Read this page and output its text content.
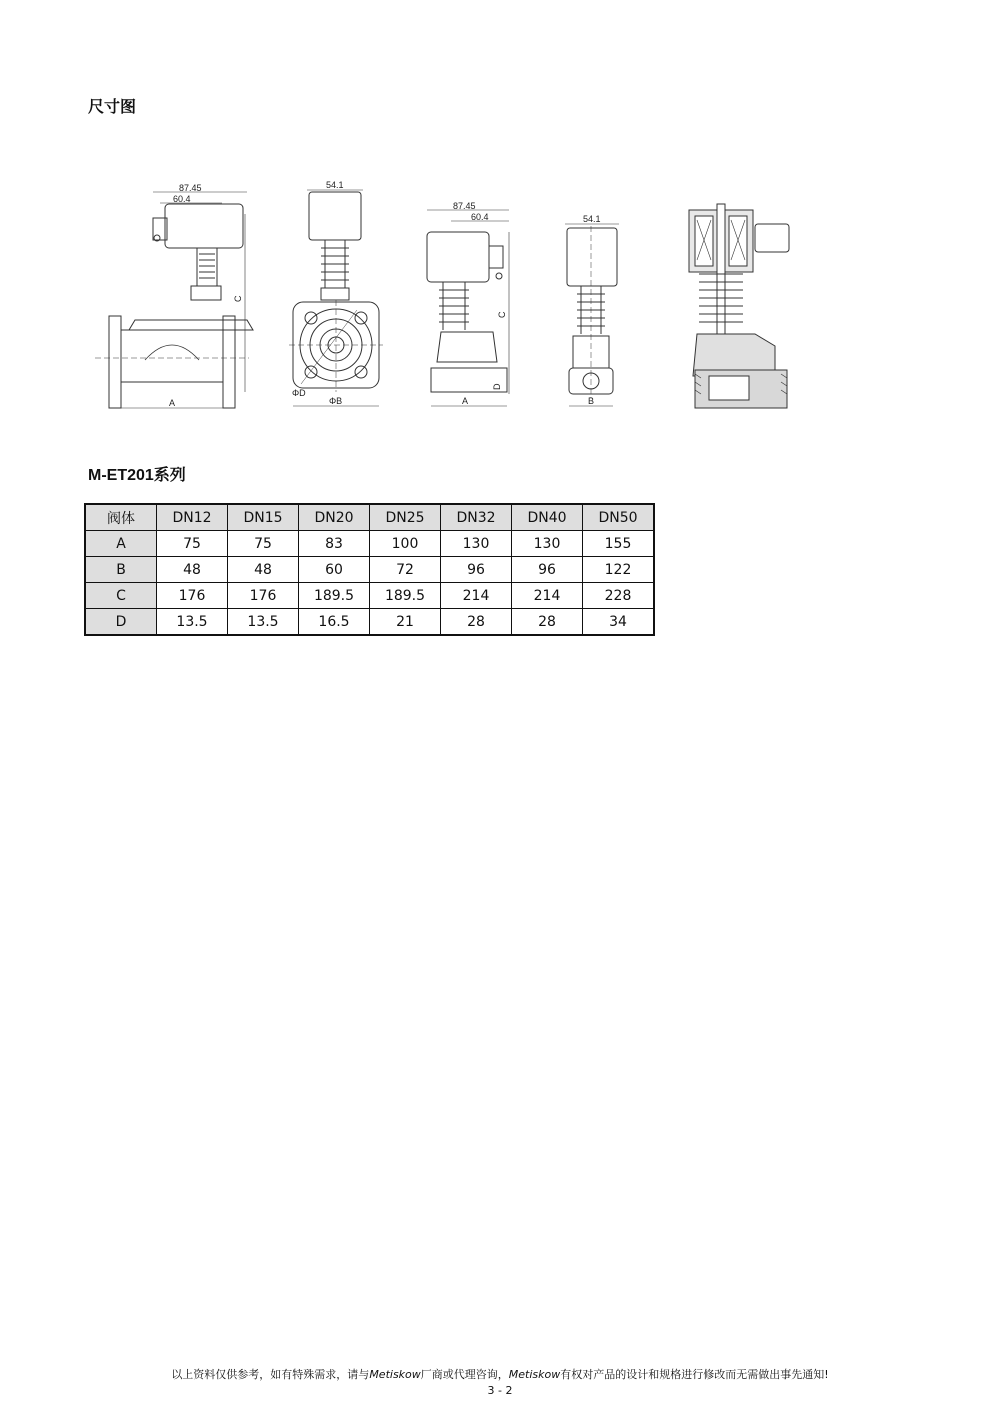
尺寸图
87.45
60.4
C
A
54.1
ΦD
ΦB
87.45
60.4
C
D
A
54.1
B
M-ET201系列
阀体	DN12	DN15	DN20	DN25	DN32	DN40	DN50
A	75	75	83	100	130	130	155
B	48	48	60	72	96	96	122
C	176	176	189.5	189.5	214	214	228
D	13.5	13.5	16.5	21	28	28	34
以上资料仅供参考，如有特殊需求，请与Metiskow厂商或代理咨询，Metiskow有权对产品的设计和规格进行修改而无需做出事先通知!
3 - 2
